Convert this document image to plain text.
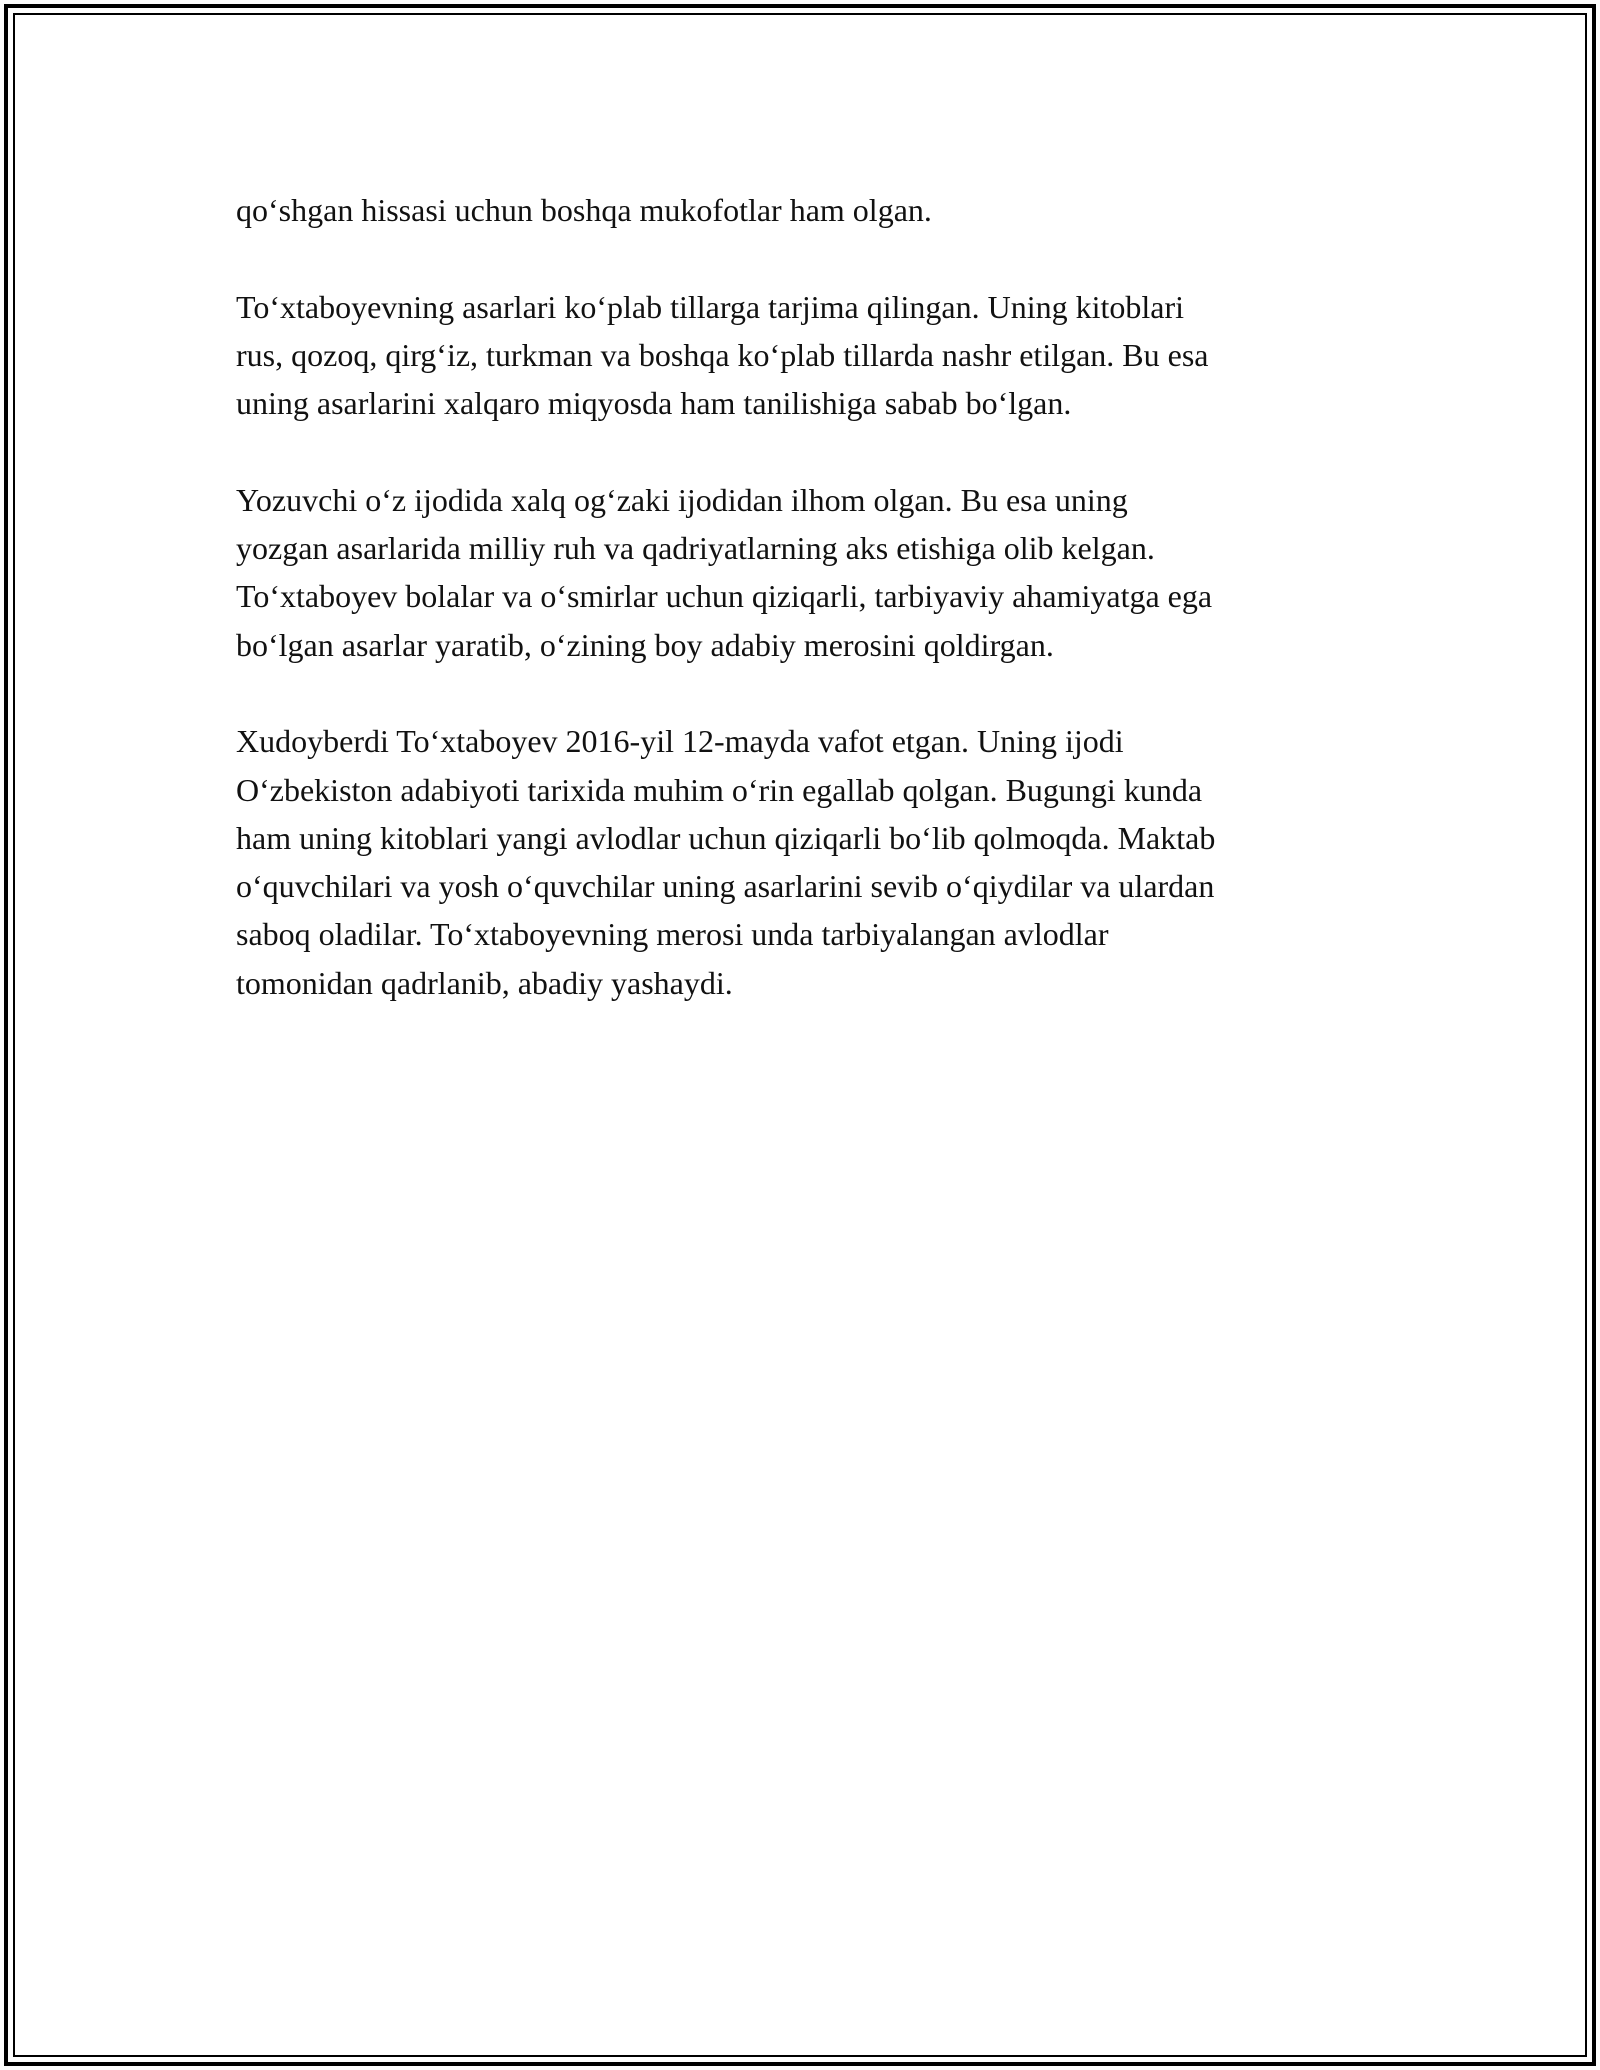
qo‘shgan hissasi uchun boshqa mukofotlar ham olgan.

To‘xtaboyevning asarlari ko‘plab tillarga tarjima qilingan. Uning kitoblari
rus, qozoq, qirg‘iz, turkman va boshqa ko‘plab tillarda nashr etilgan. Bu esa
uning asarlarini xalqaro miqyosda ham tanilishiga sabab bo‘lgan.

Yozuvchi o‘z ijodida xalq og‘zaki ijodidan ilhom olgan. Bu esa uning
yozgan asarlarida milliy ruh va qadriyatlarning aks etishiga olib kelgan.
To‘xtaboyev bolalar va o‘smirlar uchun qiziqarli, tarbiyaviy ahamiyatga ega
bo‘lgan asarlar yaratib, o‘zining boy adabiy merosini qoldirgan.

Xudoyberdi To‘xtaboyev 2016-yil 12-mayda vafot etgan. Uning ijodi
O‘zbekiston adabiyoti tarixida muhim o‘rin egallab qolgan. Bugungi kunda
ham uning kitoblari yangi avlodlar uchun qiziqarli bo‘lib qolmoqda. Maktab
o‘quvchilari va yosh o‘quvchilar uning asarlarini sevib o‘qiydilar va ulardan
saboq oladilar. To‘xtaboyevning merosi unda tarbiyalangan avlodlar
tomonidan qadrlanib, abadiy yashaydi.
